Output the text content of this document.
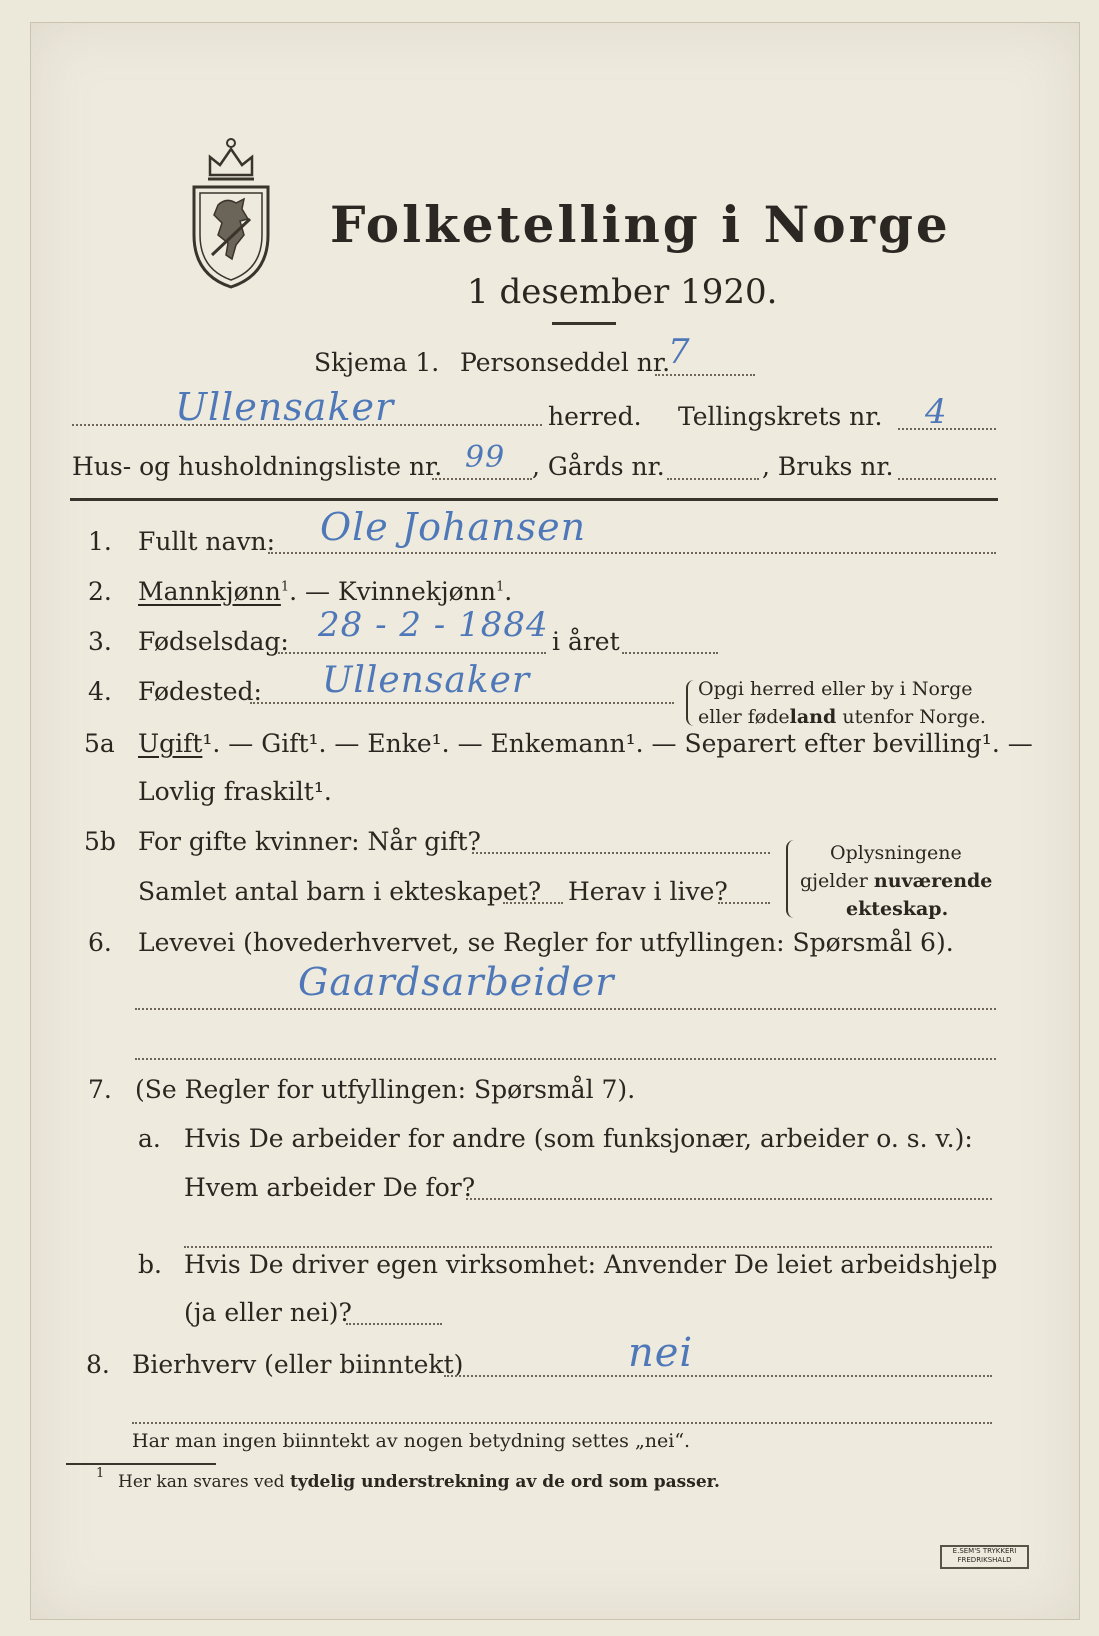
Folketelling i Norge
1 desember 1920.
Skjema 1. Personseddel nr.
7
Ullensaker	herred. Tellingskrets nr. 4
Hus- og husholdningsliste nr. 99 , Gårds nr.	, Bruks nr.
1. Fullt navn: Ole Johansen
2. Mannkjønn$^1$. — Kvinnekjønn$^1$.
3. Fødselsdag: 28 - 2 - 1884 i året
4. Fødested: Ullensaker	Opgi herred eller by i Norge
eller fødeland utenfor Norge.
5a Ugift¹. — Gift¹. — Enke¹. — Enkemann¹. — Separert efter bevilling¹. —
Lovlig fraskilt¹.
5b For gifte kvinner: Når gift?
Samlet antal barn i ekteskapet? Herav i live?
Oplysningene
gjelder nuværende
ekteskap.
6. Levevei (hovederhvervet, se Regler for utfyllingen: Spørsmål 6).
Gaardsarbeider
7. (Se Regler for utfyllingen: Spørsmål 7).
a. Hvis De arbeider for andre (som funksjonær, arbeider o. s. v.):
Hvem arbeider De for?
b. Hvis De driver egen virksomhet: Anvender De leiet arbeidshjelp
(ja eller nei)?
8. Bierhverv (eller biinntekt)	nei
Har man ingen biinntekt av nogen betydning settes „nei“.
1 Her kan svares ved tydelig understrekning av de ord som passer.
E.SEM'S TRYKKERI
FREDRIKSHALD
